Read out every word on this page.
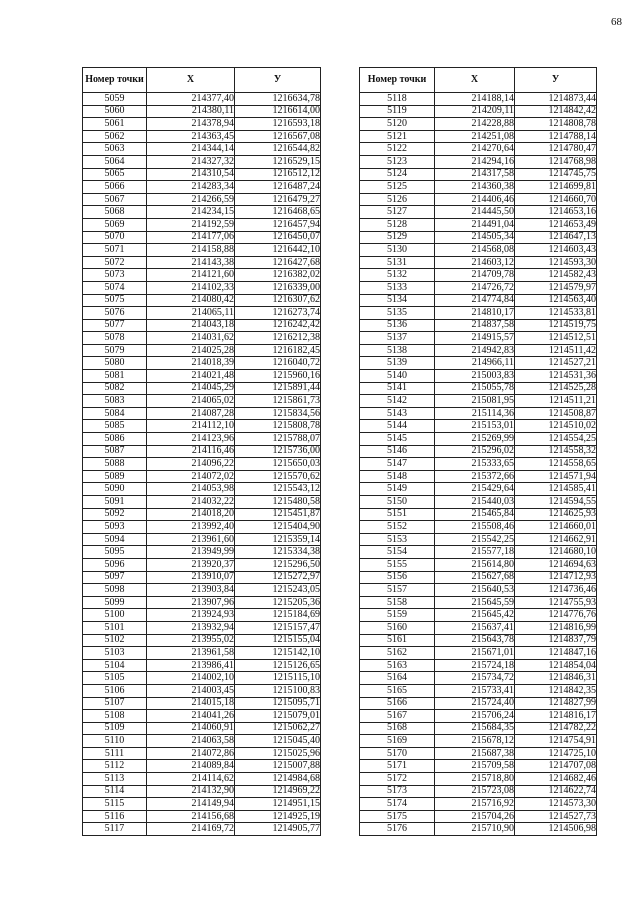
68
Номер точки	X	У
5059	214377,40	1216634,78
5060	214380,11	1216614,00
5061	214378,94	1216593,18
5062	214363,45	1216567,08
5063	214344,14	1216544,82
5064	214327,32	1216529,15
5065	214310,54	1216512,12
5066	214283,34	1216487,24
5067	214266,59	1216479,27
5068	214234,15	1216468,65
5069	214192,59	1216457,94
5070	214177,06	1216450,07
5071	214158,88	1216442,10
5072	214143,38	1216427,68
5073	214121,60	1216382,02
5074	214102,33	1216339,00
5075	214080,42	1216307,62
5076	214065,11	1216273,74
5077	214043,18	1216242,42
5078	214031,62	1216212,38
5079	214025,28	1216182,45
5080	214018,39	1216040,72
5081	214021,48	1215960,16
5082	214045,29	1215891,44
5083	214065,02	1215861,73
5084	214087,28	1215834,56
5085	214112,10	1215808,78
5086	214123,96	1215788,07
5087	214116,46	1215736,00
5088	214096,22	1215650,03
5089	214072,02	1215570,62
5090	214053,98	1215543,12
5091	214032,22	1215480,58
5092	214018,20	1215451,87
5093	213992,40	1215404,90
5094	213961,60	1215359,14
5095	213949,99	1215334,38
5096	213920,37	1215296,50
5097	213910,07	1215272,97
5098	213903,84	1215243,05
5099	213907,96	1215205,36
5100	213924,93	1215184,69
5101	213932,94	1215157,47
5102	213955,02	1215155,04
5103	213961,58	1215142,10
5104	213986,41	1215126,65
5105	214002,10	1215115,10
5106	214003,45	1215100,83
5107	214015,18	1215095,71
5108	214041,26	1215079,01
5109	214060,91	1215062,27
5110	214063,58	1215045,40
5111	214072,86	1215025,96
5112	214089,84	1215007,88
5113	214114,62	1214984,68
5114	214132,90	1214969,22
5115	214149,94	1214951,15
5116	214156,68	1214925,19
5117	214169,72	1214905,77
Номер точки	X	У
5118	214188,14	1214873,44
5119	214209,11	1214842,42
5120	214228,88	1214808,78
5121	214251,08	1214788,14
5122	214270,64	1214780,47
5123	214294,16	1214768,98
5124	214317,58	1214745,75
5125	214360,38	1214699,81
5126	214406,46	1214660,70
5127	214445,50	1214653,16
5128	214491,04	1214653,49
5129	214505,34	1214647,13
5130	214568,08	1214603,43
5131	214603,12	1214593,30
5132	214709,78	1214582,43
5133	214726,72	1214579,97
5134	214774,84	1214563,40
5135	214810,17	1214533,81
5136	214837,58	1214519,75
5137	214915,57	1214512,51
5138	214942,83	1214511,42
5139	214966,11	1214527,21
5140	215003,83	1214531,36
5141	215055,78	1214525,28
5142	215081,95	1214511,21
5143	215114,36	1214508,87
5144	215153,01	1214510,02
5145	215269,99	1214554,25
5146	215296,02	1214558,32
5147	215333,65	1214558,65
5148	215372,66	1214571,94
5149	215429,64	1214585,41
5150	215440,03	1214594,55
5151	215465,84	1214625,93
5152	215508,46	1214660,01
5153	215542,25	1214662,91
5154	215577,18	1214680,10
5155	215614,80	1214694,63
5156	215627,68	1214712,93
5157	215640,53	1214736,46
5158	215645,59	1214755,93
5159	215645,42	1214776,76
5160	215637,41	1214816,99
5161	215643,78	1214837,79
5162	215671,01	1214847,16
5163	215724,18	1214854,04
5164	215734,72	1214846,31
5165	215733,41	1214842,35
5166	215724,40	1214827,99
5167	215706,24	1214816,17
5168	215684,35	1214782,22
5169	215678,12	1214754,91
5170	215687,38	1214725,10
5171	215709,58	1214707,08
5172	215718,80	1214682,46
5173	215723,08	1214622,74
5174	215716,92	1214573,30
5175	215704,26	1214527,73
5176	215710,90	1214506,98
